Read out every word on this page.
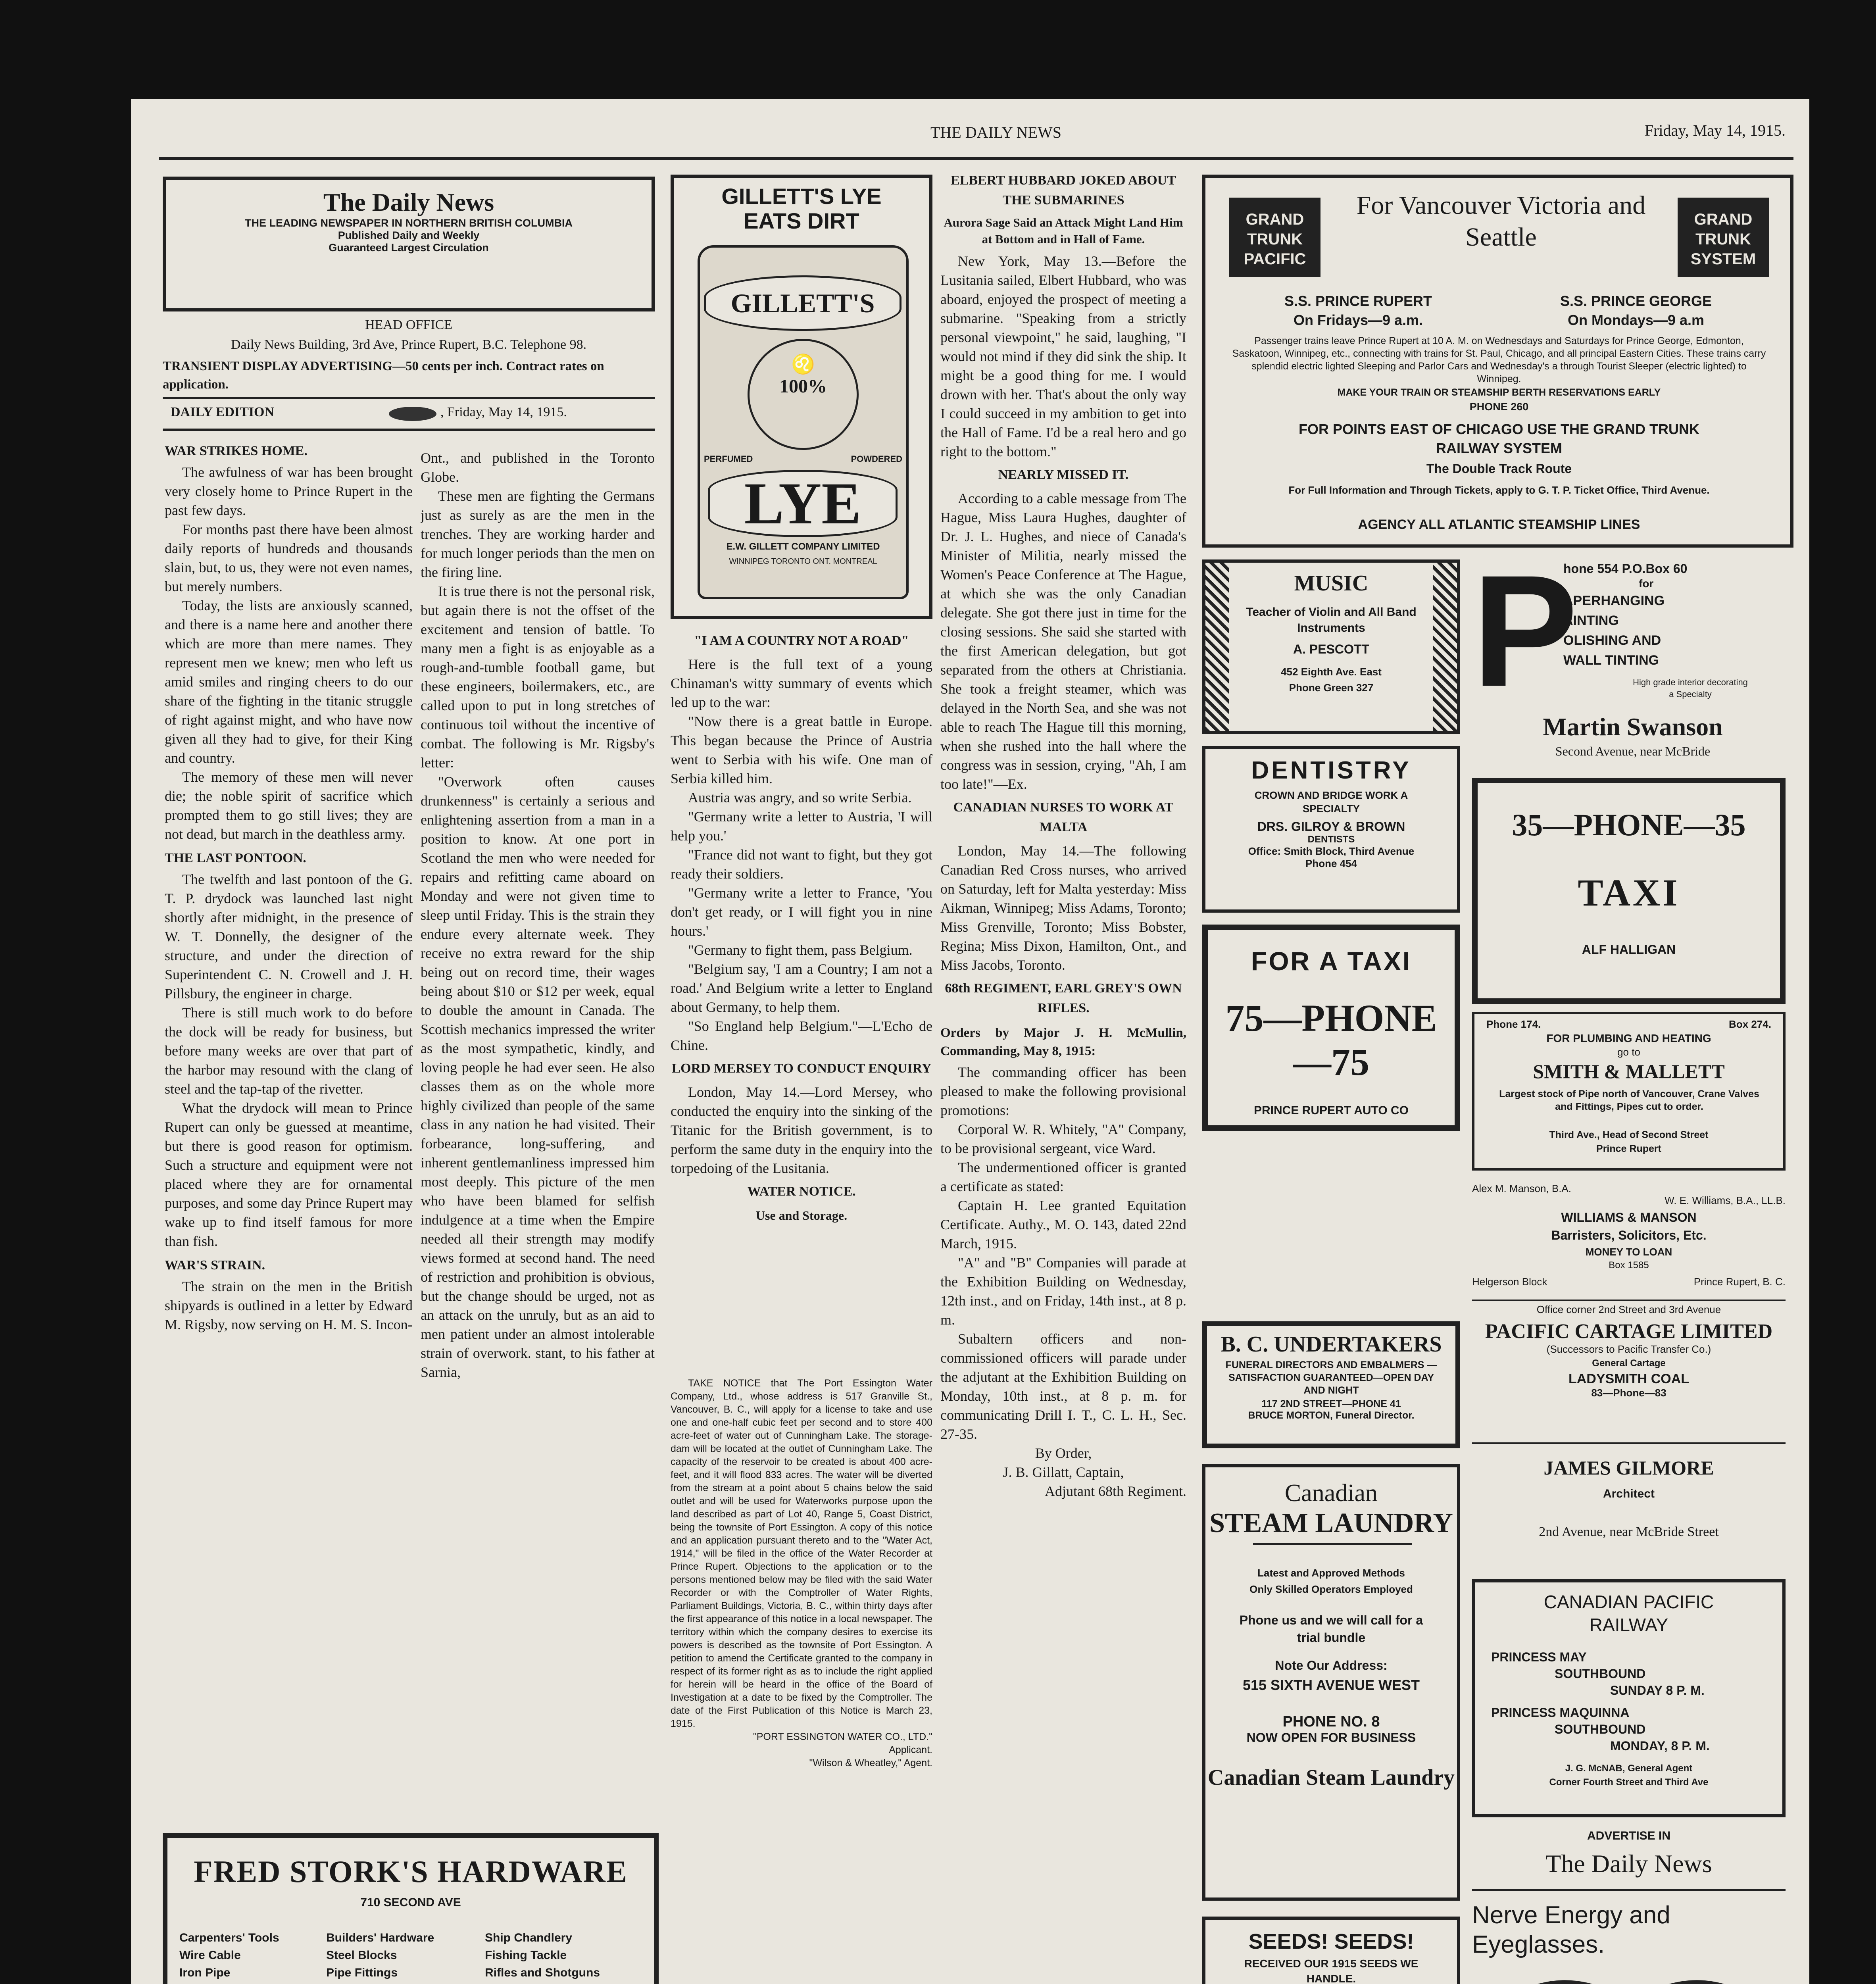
THE DAILY NEWS	Friday, May 14, 1915.
The Daily News
THE LEADING NEWSPAPER IN NORTHERN BRITISH COLUMBIA
Published Daily and Weekly
Guaranteed Largest Circulation
HEAD OFFICE
Daily News Building, 3rd Ave, Prince Rupert, B.C. Telephone 98.
TRANSIENT DISPLAY ADVERTISING—50 cents per inch. Contract rates on application.
DAILY EDITION	, Friday, May 14, 1915.
WAR STRIKES HOME.

The awfulness of war has been brought very closely home to Prince Rupert in the past few days.

For months past there have been almost daily reports of hundreds and thousands slain, but, to us, they were not even names, but merely numbers.

Today, the lists are anxiously scanned, and there is a name here and another there which are more than mere names. They represent men we knew; men who left us amid smiles and ringing cheers to do our share of the fighting in the titanic struggle of right against might, and who have now given all they had to give, for their King and country.

The memory of these men will never die; the noble spirit of sacrifice which prompted them to go still lives; they are not dead, but march in the deathless army.

THE LAST PONTOON.

The twelfth and last pontoon of the G. T. P. drydock was launched last night shortly after midnight, in the presence of W. T. Donnelly, the designer of the structure, and under the direction of Superintendent C. N. Crowell and J. H. Pillsbury, the engineer in charge.

There is still much work to do before the dock will be ready for business, but before many weeks are over that part of the harbor may resound with the clang of steel and the tap-tap of the rivetter.

What the drydock will mean to Prince Rupert can only be guessed at meantime, but there is good reason for optimism. Such a structure and equipment were not placed where they are for ornamental purposes, and some day Prince Rupert may wake up to find itself famous for more than fish.

WAR'S STRAIN.

The strain on the men in the British shipyards is outlined in a letter by Edward M. Rigsby, now serving on H. M. S. Incon-

Ont., and published in the Toronto Globe.

These men are fighting the Germans just as surely as are the men in the trenches. They are working harder and for much longer periods than the men on the firing line.

It is true there is not the personal risk, but again there is not the offset of the excitement and tension of battle. To many men a fight is as enjoyable as a rough-and-tumble football game, but these engineers, boilermakers, etc., are called upon to put in long stretches of continuous toil without the incentive of combat. The following is Mr. Rigsby's letter:

"Overwork often causes drunkenness" is certainly a serious and enlightening assertion from a man in a position to know. At one port in Scotland the men who were needed for repairs and refitting came aboard on Monday and were not given time to sleep until Friday. This is the strain they endure every alternate week. They receive no extra reward for the ship being out on record time, their wages being about $10 or $12 per week, equal to double the amount in Canada. The Scottish mechanics impressed the writer as the most sympathetic, kindly, and loving people he had ever seen. He also classes them as on the whole more highly civilized than people of the same class in any nation he had visited. Their forbearance, long-suffering, and inherent gentlemanliness impressed him most deeply. This picture of the men who have been blamed for selfish indulgence at a time when the Empire needed all their strength may modify views formed at second hand. The need of restriction and prohibition is obvious, but the change should be urged, not as an attack on the unruly, but as an aid to men patient under an almost intolerable strain of overwork. stant, to his father at Sarnia,

FRED STORK'S HARDWARE
710 SECOND AVE
Carpenters' Tools
Wire Cable
Iron Pipe
Builders' Hardware
Steel Blocks
Pipe Fittings
Ship Chandlery
Fishing Tackle
Rifles and Shotguns
GILLETT'S LYE
EATS DIRT
GILLETT'S
♌
100%
PERFUMED	POWDERED
LYE
E.W. GILLETT COMPANY LIMITED
WINNIPEG TORONTO ONT. MONTREAL
"I AM A COUNTRY NOT A ROAD"

Here is the full text of a young Chinaman's witty summary of events which led up to the war:

"Now there is a great battle in Europe. This began because the Prince of Austria went to Serbia with his wife. One man of Serbia killed him.

Austria was angry, and so write Serbia.

"Germany write a letter to Austria, 'I will help you.'

"France did not want to fight, but they got ready their soldiers.

"Germany write a letter to France, 'You don't get ready, or I will fight you in nine hours.'

"Germany to fight them, pass Belgium.

"Belgium say, 'I am a Country; I am not a road.' And Belgium write a letter to England about Germany, to help them.

"So England help Belgium."—L'Echo de Chine.

LORD MERSEY TO CONDUCT ENQUIRY

London, May 14.—Lord Mersey, who conducted the enquiry into the sinking of the Titanic for the British government, is to perform the same duty in the enquiry into the torpedoing of the Lusitania.

WATER NOTICE.
Use and Storage.

TAKE NOTICE that The Port Essington Water Company, Ltd., whose address is 517 Granville St., Vancouver, B. C., will apply for a license to take and use one and one-half cubic feet per second and to store 400 acre-feet of water out of Cunningham Lake. The storage-dam will be located at the outlet of Cunningham Lake. The capacity of the reservoir to be created is about 400 acre-feet, and it will flood 833 acres. The water will be diverted from the stream at a point about 5 chains below the said outlet and will be used for Waterworks purpose upon the land described as part of Lot 40, Range 5, Coast District, being the townsite of Port Essington. A copy of this notice and an application pursuant thereto and to the "Water Act, 1914," will be filed in the office of the Water Recorder at Prince Rupert. Objections to the application or to the persons mentioned below may be filed with the said Water Recorder or with the Comptroller of Water Rights, Parliament Buildings, Victoria, B. C., within thirty days after the first appearance of this notice in a local newspaper. The territory within which the company desires to exercise its powers is described as the townsite of Port Essington. A petition to amend the Certificate granted to the company in respect of its former right as as to include the right applied for herein will be heard in the office of the Board of Investigation at a date to be fixed by the Comptroller. The date of the First Publication of this Notice is March 23, 1915.

"PORT ESSINGTON WATER CO., LTD."
Applicant.
"Wilson & Wheatley," Agent.
ELBERT HUBBARD JOKED ABOUT THE SUBMARINES
Aurora Sage Said an Attack Might Land Him at Bottom and in Hall of Fame.

New York, May 13.—Before the Lusitania sailed, Elbert Hubbard, who was aboard, enjoyed the prospect of meeting a submarine. "Speaking from a strictly personal viewpoint," he said, laughing, "I would not mind if they did sink the ship. It might be a good thing for me. I would drown with her. That's about the only way I could succeed in my ambition to get into the Hall of Fame. I'd be a real hero and go right to the bottom."

NEARLY MISSED IT.

According to a cable message from The Hague, Miss Laura Hughes, daughter of Dr. J. L. Hughes, and niece of Canada's Minister of Militia, nearly missed the Women's Peace Conference at The Hague, at which she was the only Canadian delegate. She got there just in time for the closing sessions. She said she started with the first American delegation, but got separated from the others at Christiania. She took a freight steamer, which was delayed in the North Sea, and she was not able to reach The Hague till this morning, when she rushed into the hall where the congress was in session, crying, "Ah, I am too late!"—Ex.

CANADIAN NURSES TO WORK AT MALTA

London, May 14.—The following Canadian Red Cross nurses, who arrived on Saturday, left for Malta yesterday: Miss Aikman, Winnipeg; Miss Adams, Toronto; Miss Grenville, Toronto; Miss Bobster, Regina; Miss Dixon, Hamilton, Ont., and Miss Jacobs, Toronto.

68th REGIMENT, EARL GREY'S OWN RIFLES.
Orders by Major J. H. McMullin, Commanding, May 8, 1915:

The commanding officer has been pleased to make the following provisional promotions:

Corporal W. R. Whitely, "A" Company, to be provisional sergeant, vice Ward.

The undermentioned officer is granted a certificate as stated:

Captain H. Lee granted Equitation Certificate. Authy., M. O. 143, dated 22nd March, 1915.

"A" and "B" Companies will parade at the Exhibition Building on Wednesday, 12th inst., and on Friday, 14th inst., at 8 p. m.

Subaltern officers and non-commissioned officers will parade under the adjutant at the Exhibition Building on Monday, 10th inst., at 8 p. m. for communicating Drill I. T., C. L. H., Sec. 27-35.

By Order,
J. B. Gillatt, Captain,
Adjutant 68th Regiment.
GRAND TRUNK PACIFIC
GRAND TRUNK SYSTEM
For Vancouver Victoria and Seattle
S.S. PRINCE RUPERT
On Fridays—9 a.m.
S.S. PRINCE GEORGE
On Mondays—9 a.m
Passenger trains leave Prince Rupert at 10 A. M. on Wednesdays and Saturdays for Prince George, Edmonton, Saskatoon, Winnipeg, etc., connecting with trains for St. Paul, Chicago, and all principal Eastern Cities. These trains carry splendid electric lighted Sleeping and Parlor Cars and Wednesday's a through Tourist Sleeper (electric lighted) to Winnipeg.
MAKE YOUR TRAIN OR STEAMSHIP BERTH RESERVATIONS EARLY
PHONE 260
FOR POINTS EAST OF CHICAGO USE THE GRAND TRUNK RAILWAY SYSTEM
The Double Track Route
For Full Information and Through Tickets, apply to G. T. P. Ticket Office, Third Avenue.
AGENCY ALL ATLANTIC STEAMSHIP LINES
MUSIC
Teacher of Violin and All Band Instruments
A. PESCOTT
452 Eighth Ave. East
Phone Green 327
DENTISTRY
CROWN AND BRIDGE WORK A SPECIALTY
DRS. GILROY & BROWN
DENTISTS
Office: Smith Block, Third Avenue
Phone 454
FOR A TAXI
75—PHONE—75
PRINCE RUPERT AUTO CO
B. C. UNDERTAKERS
FUNERAL DIRECTORS AND EMBALMERS — SATISFACTION GUARANTEED—OPEN DAY AND NIGHT
117 2ND STREET—PHONE 41
BRUCE MORTON, Funeral Director.
Canadian
STEAM LAUNDRY
Latest and Approved Methods
Only Skilled Operators Employed
Phone us and we will call for a trial bundle
Note Our Address:
515 SIXTH AVENUE WEST
PHONE NO. 8
NOW OPEN FOR BUSINESS
Canadian Steam Laundry
SEEDS! SEEDS!
RECEIVED OUR 1915 SEEDS WE HANDLE.
P
hone 554 P.O.Box 60
for
APERHANGING
AINTING
OLISHING AND
WALL TINTING
High grade interior decorating a Specialty
Martin Swanson
Second Avenue, near McBride
35—PHONE—35
TAXI
ALF HALLIGAN
Phone 174.	Box 274.
FOR PLUMBING AND HEATING
go to
SMITH & MALLETT
Largest stock of Pipe north of Vancouver, Crane Valves and Fittings, Pipes cut to order.
Third Ave., Head of Second Street
Prince Rupert
Alex M. Manson, B.A.
W. E. Williams, B.A., LL.B.
WILLIAMS & MANSON
Barristers, Solicitors, Etc.
MONEY TO LOAN
Box 1585
Helgerson Block	Prince Rupert, B. C.
Office corner 2nd Street and 3rd Avenue
PACIFIC CARTAGE LIMITED
(Successors to Pacific Transfer Co.)
General Cartage
LADYSMITH COAL
83—Phone—83
JAMES GILMORE
Architect
2nd Avenue, near McBride Street
CANADIAN PACIFIC RAILWAY
PRINCESS MAY
SOUTHBOUND
SUNDAY 8 P. M.
PRINCESS MAQUINNA
SOUTHBOUND
MONDAY, 8 P. M.
J. G. McNAB, General Agent
Corner Fourth Street and Third Ave
ADVERTISE IN
The Daily News
Nerve Energy and Eyeglasses.
